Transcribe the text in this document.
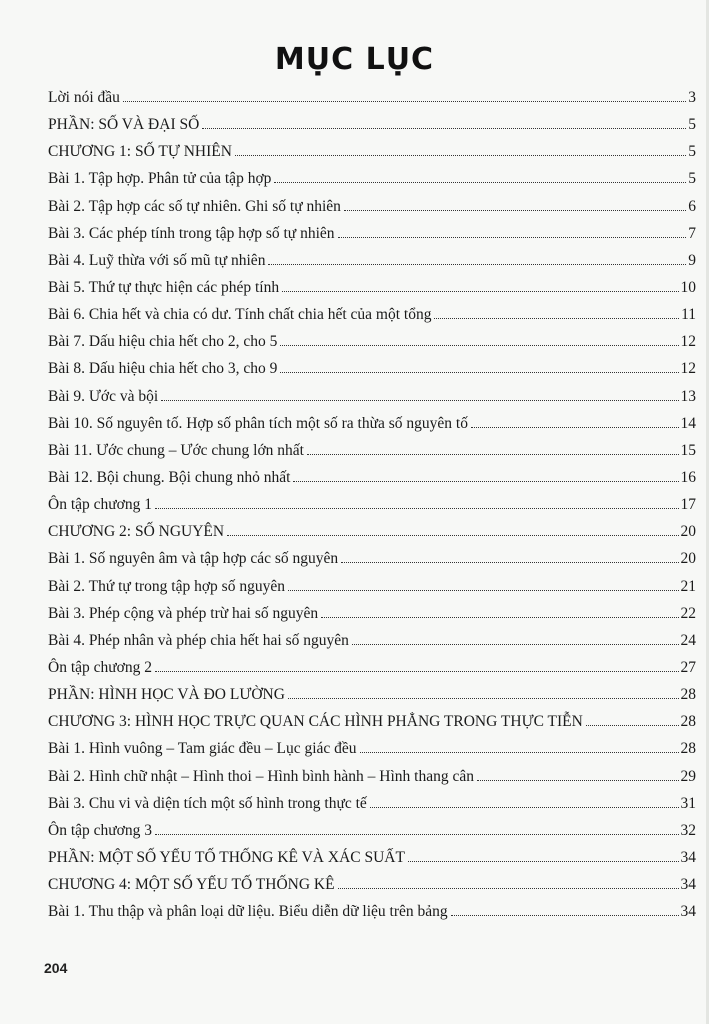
MỤC LỤC
Lời nói đầu	3
PHẦN: SỐ VÀ ĐẠI SỐ	5
CHƯƠNG 1: SỐ TỰ NHIÊN	5
Bài 1. Tập hợp. Phân tử của tập hợp	5
Bài 2. Tập hợp các số tự nhiên. Ghi số tự nhiên	6
Bài 3. Các phép tính trong tập hợp số tự nhiên	7
Bài 4. Luỹ thừa với số mũ tự nhiên	9
Bài 5. Thứ tự thực hiện các phép tính	10
Bài 6. Chia hết và chia có dư. Tính chất chia hết của một tổng	11
Bài 7. Dấu hiệu chia hết cho 2, cho 5	12
Bài 8. Dấu hiệu chia hết cho 3, cho 9	12
Bài 9. Ước và bội	13
Bài 10. Số nguyên tố. Hợp số phân tích một số ra thừa số nguyên tố	14
Bài 11. Ước chung – Ước chung lớn nhất	15
Bài 12. Bội chung. Bội chung nhỏ nhất	16
Ôn tập chương 1	17
CHƯƠNG 2: SỐ NGUYÊN	20
Bài 1. Số nguyên âm và tập hợp các số nguyên	20
Bài 2. Thứ tự trong tập hợp số nguyên	21
Bài 3. Phép cộng và phép trừ hai số nguyên	22
Bài 4. Phép nhân và phép chia hết hai số nguyên	24
Ôn tập chương 2	27
PHẦN: HÌNH HỌC VÀ ĐO LƯỜNG	28
CHƯƠNG 3: HÌNH HỌC TRỰC QUAN CÁC HÌNH PHẲNG TRONG THỰC TIỄN	28
Bài 1. Hình vuông – Tam giác đều – Lục giác đều	28
Bài 2. Hình chữ nhật – Hình thoi – Hình bình hành – Hình thang cân	29
Bài 3. Chu vi và diện tích một số hình trong thực tế	31
Ôn tập chương 3	32
PHẦN: MỘT SỐ YẾU TỐ THỐNG KÊ VÀ XÁC SUẤT	34
CHƯƠNG 4: MỘT SỐ YẾU TỐ THỐNG KÊ	34
Bài 1. Thu thập và phân loại dữ liệu. Biểu diễn dữ liệu trên bảng	34
204
